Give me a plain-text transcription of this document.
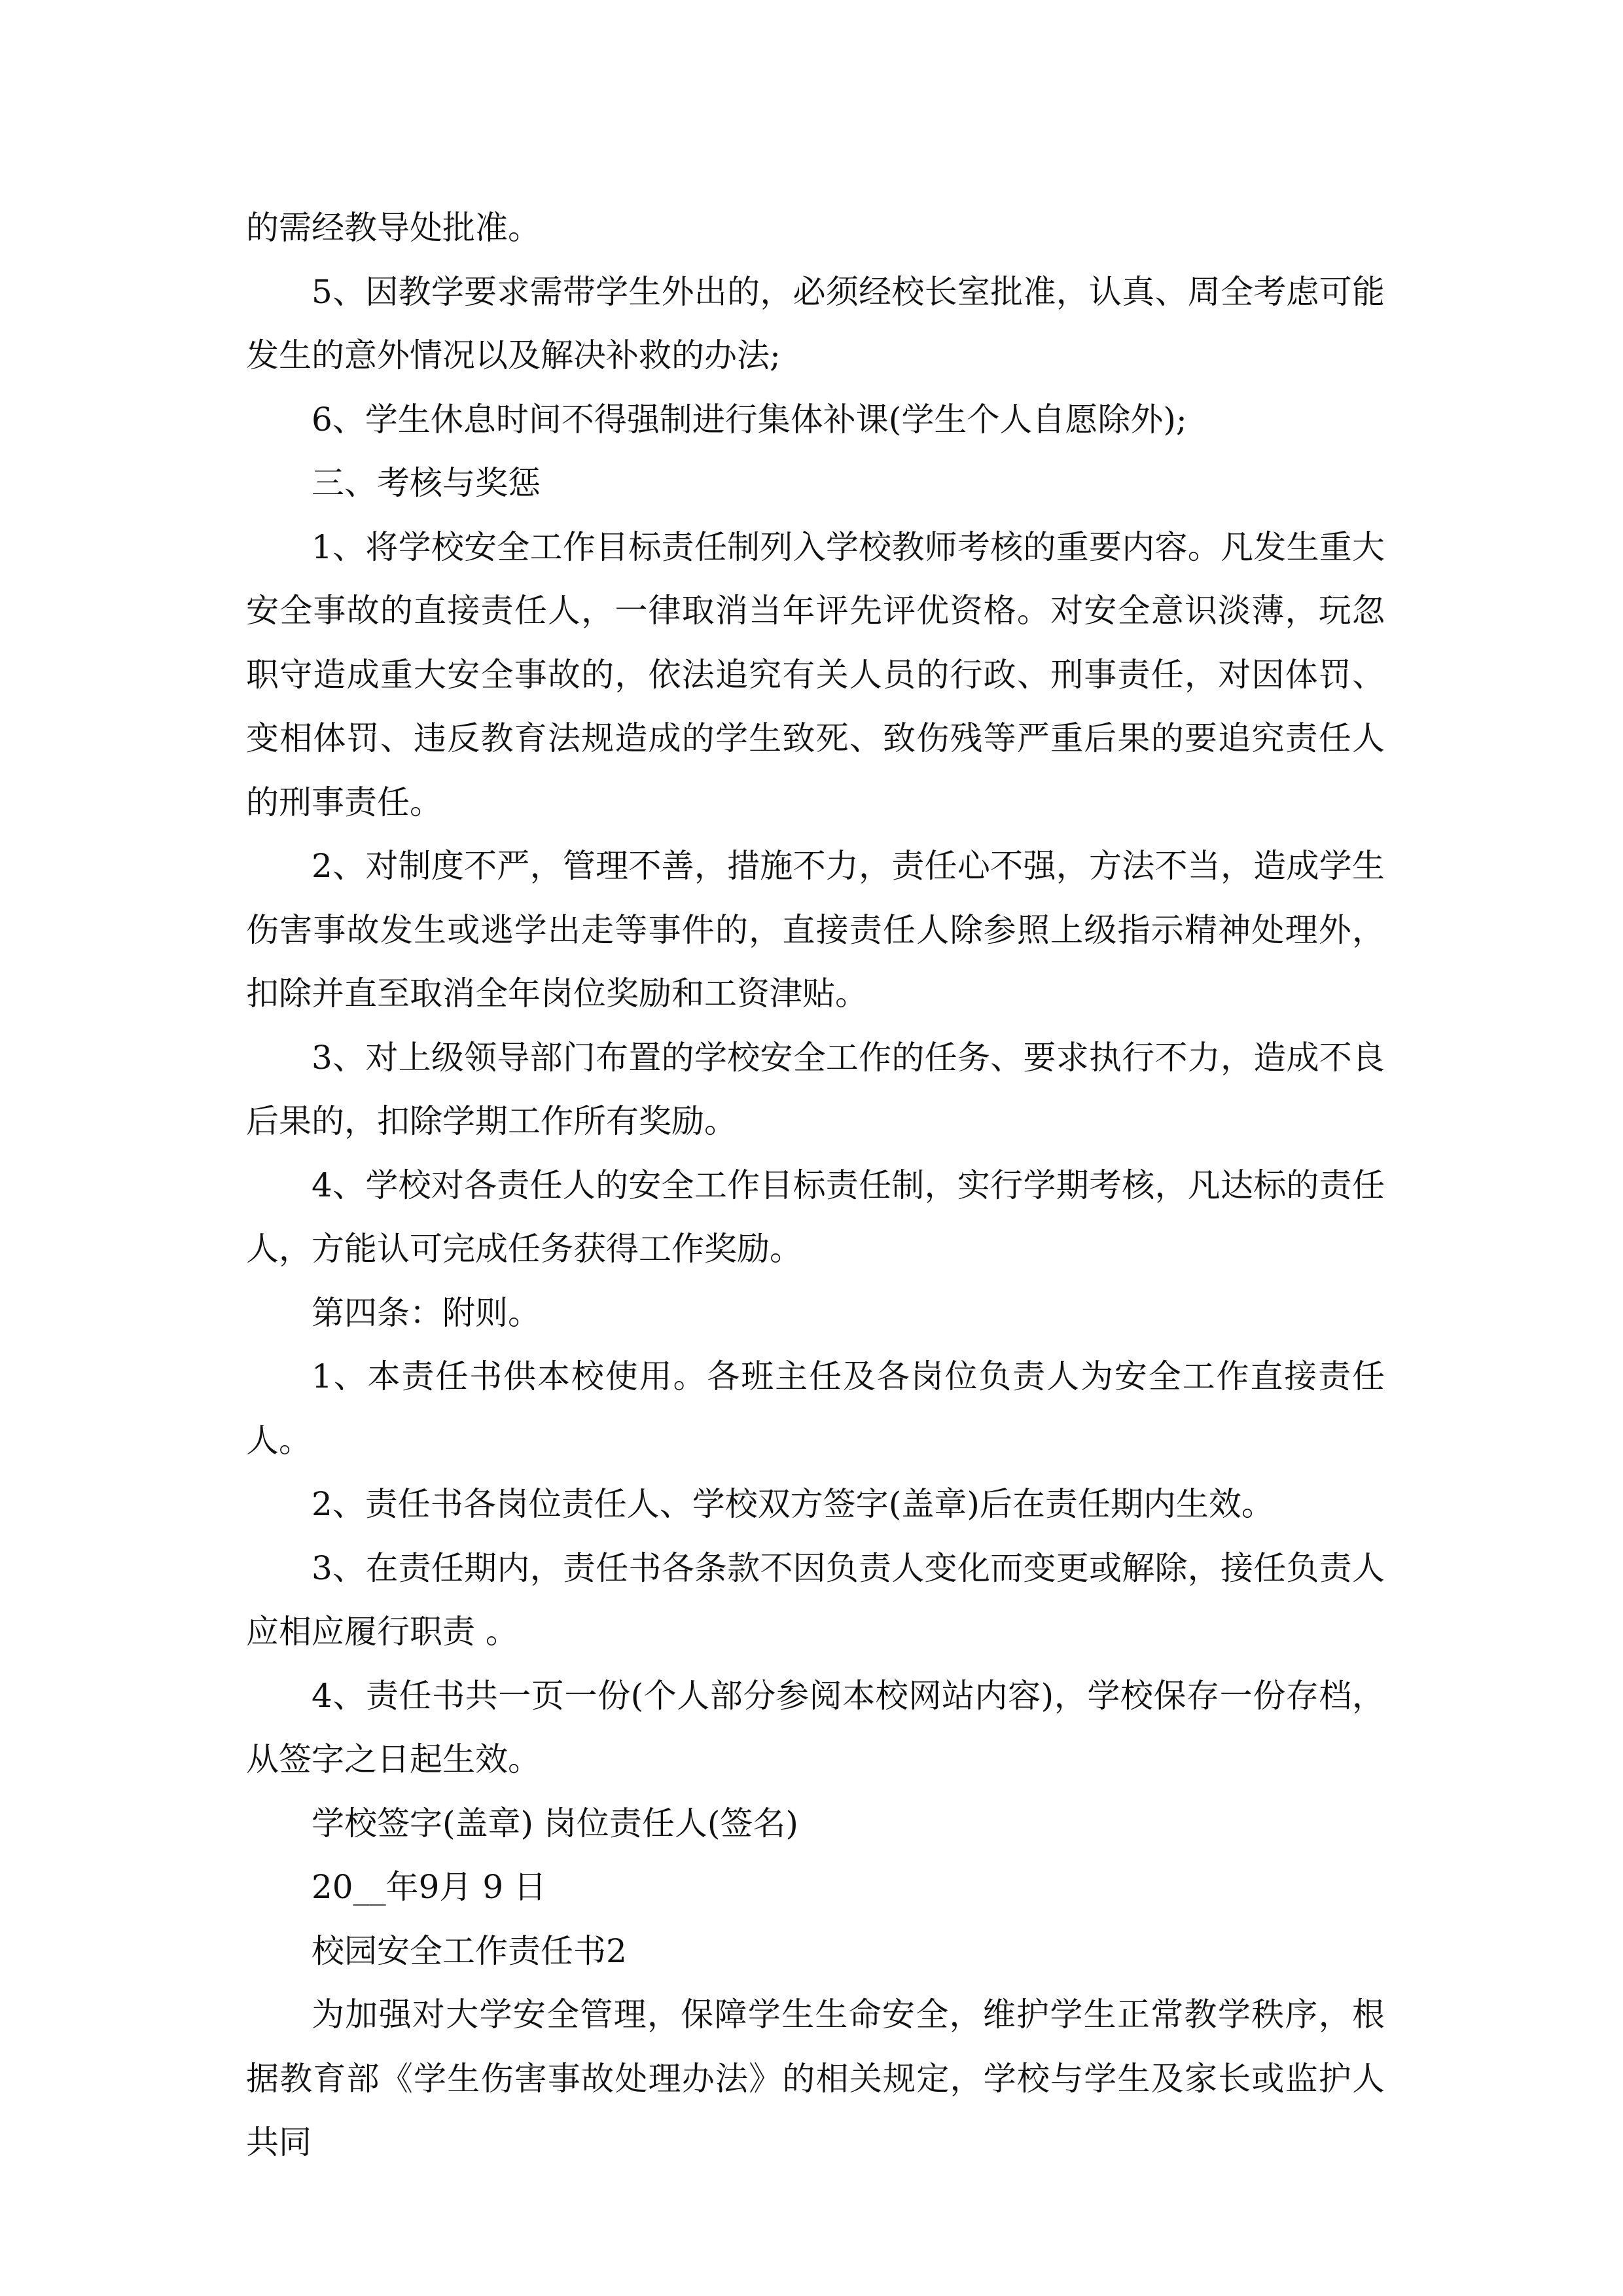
的需经教导处批准。

5、因教学要求需带学生外出的，必须经校长室批准，认真、周全考虑可能发生的意外情况以及解决补救的办法;

6、学生休息时间不得强制进行集体补课(学生个人自愿除外);

三、考核与奖惩

1、将学校安全工作目标责任制列入学校教师考核的重要内容。凡发生重大安全事故的直接责任人，一律取消当年评先评优资格。对安全意识淡薄，玩忽职守造成重大安全事故的，依法追究有关人员的行政、刑事责任，对因体罚、变相体罚、违反教育法规造成的学生致死、致伤残等严重后果的要追究责任人的刑事责任。

2、对制度不严，管理不善，措施不力，责任心不强，方法不当，造成学生伤害事故发生或逃学出走等事件的，直接责任人除参照上级指示精神处理外，扣除并直至取消全年岗位奖励和工资津贴。

3、对上级领导部门布置的学校安全工作的任务、要求执行不力，造成不良后果的，扣除学期工作所有奖励。

4、学校对各责任人的安全工作目标责任制，实行学期考核，凡达标的责任人，方能认可完成任务获得工作奖励。

第四条：附则。

1、本责任书供本校使用。各班主任及各岗位负责人为安全工作直接责任人。

2、责任书各岗位责任人、学校双方签字(盖章)后在责任期内生效。

3、在责任期内，责任书各条款不因负责人变化而变更或解除，接任负责人应相应履行职责 。

4、责任书共一页一份(个人部分参阅本校网站内容)，学校保存一份存档，从签字之日起生效。

学校签字(盖章) 岗位责任人(签名)

20__年9月 9 日

校园安全工作责任书2

为加强对大学安全管理，保障学生生命安全，维护学生正常教学秩序，根据教育部《学生伤害事故处理办法》的相关规定，学校与学生及家长或监护人共同
